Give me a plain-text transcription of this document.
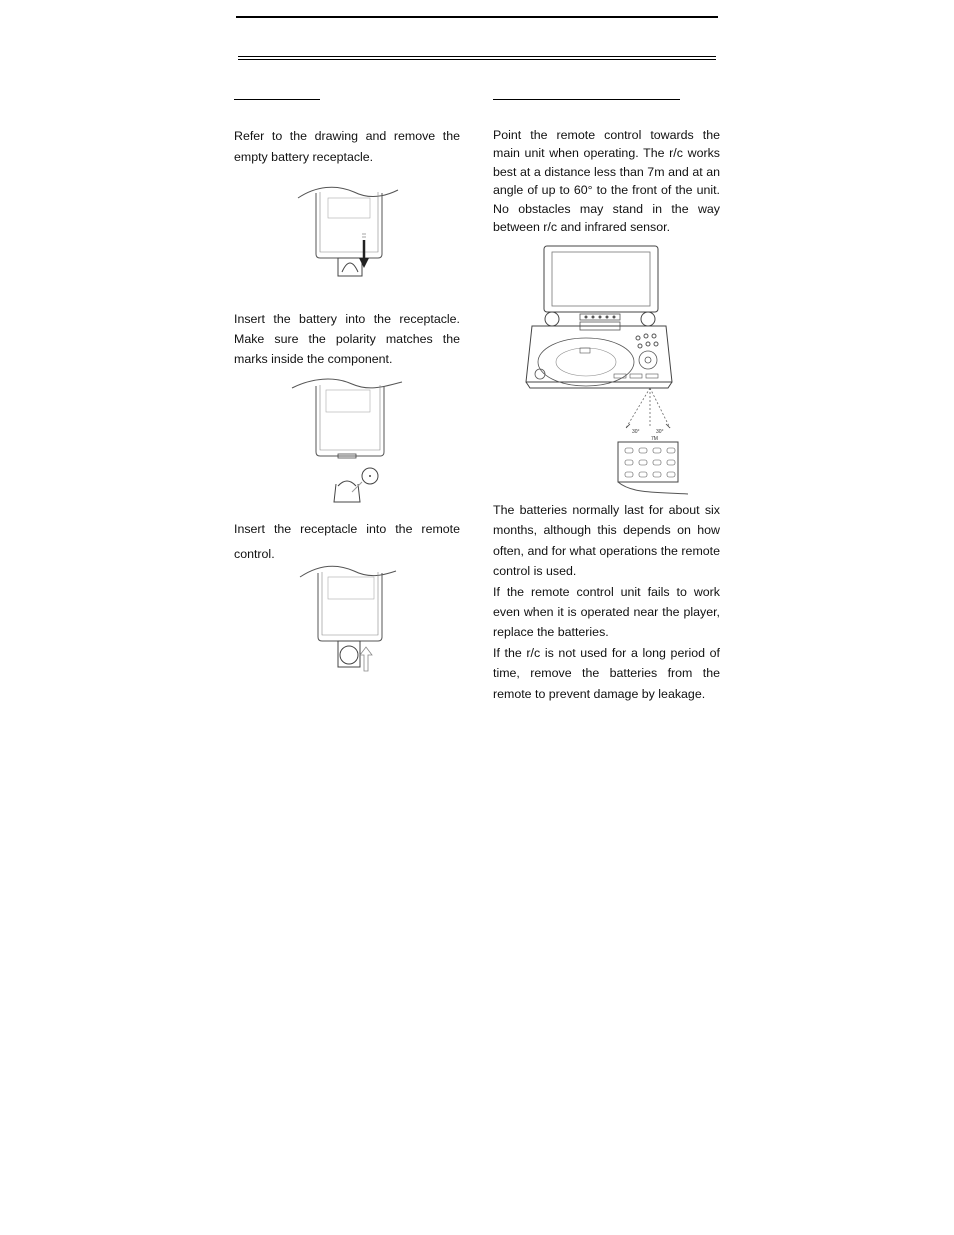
Refer to the drawing and remove the empty battery receptacle.

Insert the battery into the receptacle. Make sure the polarity matches the marks inside the component.

Insert the receptacle into the remote control.

Point the remote control towards the main unit when operating. The r/c works best at a distance less than 7m and at an angle of up to 60° to the front of the unit. No obstacles may stand in the way between r/c and infrared sensor.

30°	30°
7M

The batteries normally last for about six months, although this depends on how often, and for what operations the remote control is used.

If the remote control unit fails to work even when it is operated near the player, replace the batteries.

If the r/c is not used for a long period of time, remove the batteries from the remote to prevent damage by leakage.
